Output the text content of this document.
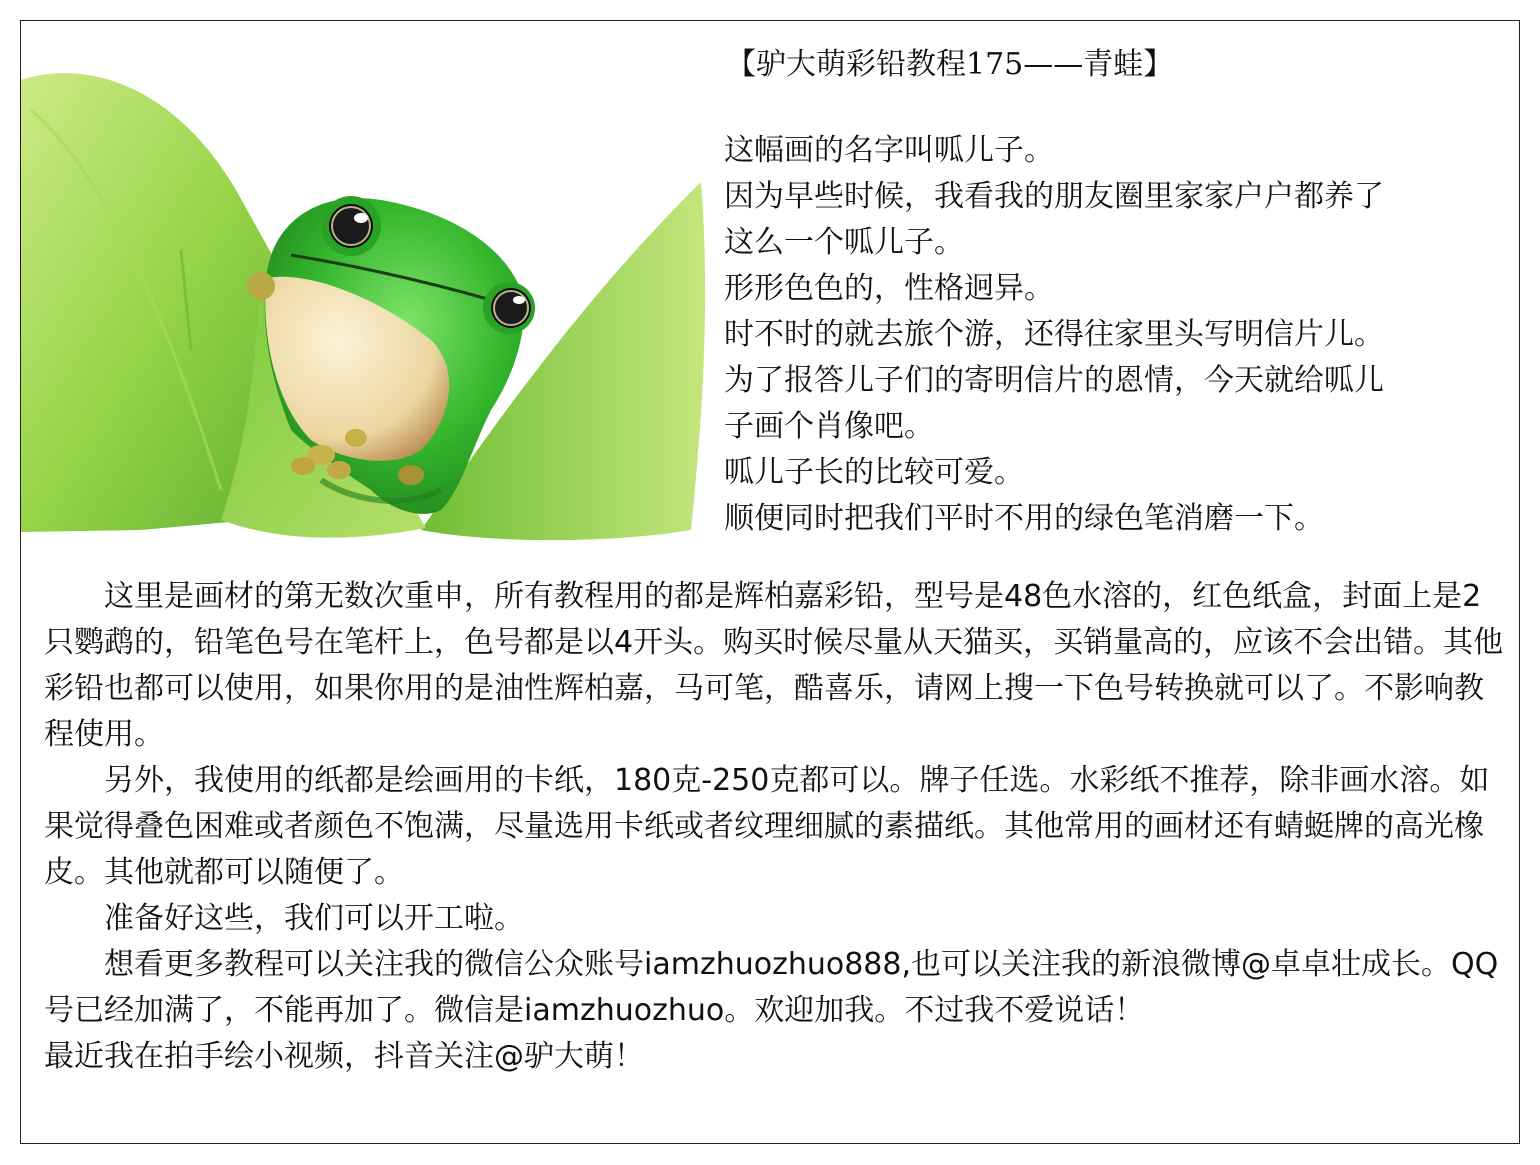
【驴大萌彩铅教程175——青蛙】
这幅画的名字叫呱儿子。
因为早些时候，我看我的朋友圈里家家户户都养了
这么一个呱儿子。
形形色色的，性格迥异。
时不时的就去旅个游，还得往家里头写明信片儿。
为了报答儿子们的寄明信片的恩情，今天就给呱儿
子画个肖像吧。
呱儿子长的比较可爱。
顺便同时把我们平时不用的绿色笔消磨一下。

这里是画材的第无数次重申，所有教程用的都是辉柏嘉彩铅，型号是48色水溶的，红色纸盒，封面上是2只鹦鹉的，铅笔色号在笔杆上，色号都是以4开头。购买时候尽量从天猫买，买销量高的，应该不会出错。其他彩铅也都可以使用，如果你用的是油性辉柏嘉，马可笔，酷喜乐，请网上搜一下色号转换就可以了。不影响教程使用。

另外，我使用的纸都是绘画用的卡纸，180克-250克都可以。牌子任选。水彩纸不推荐，除非画水溶。如果觉得叠色困难或者颜色不饱满，尽量选用卡纸或者纹理细腻的素描纸。其他常用的画材还有蜻蜓牌的高光橡皮。其他就都可以随便了。

准备好这些，我们可以开工啦。

想看更多教程可以关注我的微信公众账号iamzhuozhuo888,也可以关注我的新浪微博@卓卓壮成长。QQ号已经加满了，不能再加了。微信是iamzhuozhuo。欢迎加我。不过我不爱说话！

最近我在拍手绘小视频，抖音关注@驴大萌！
